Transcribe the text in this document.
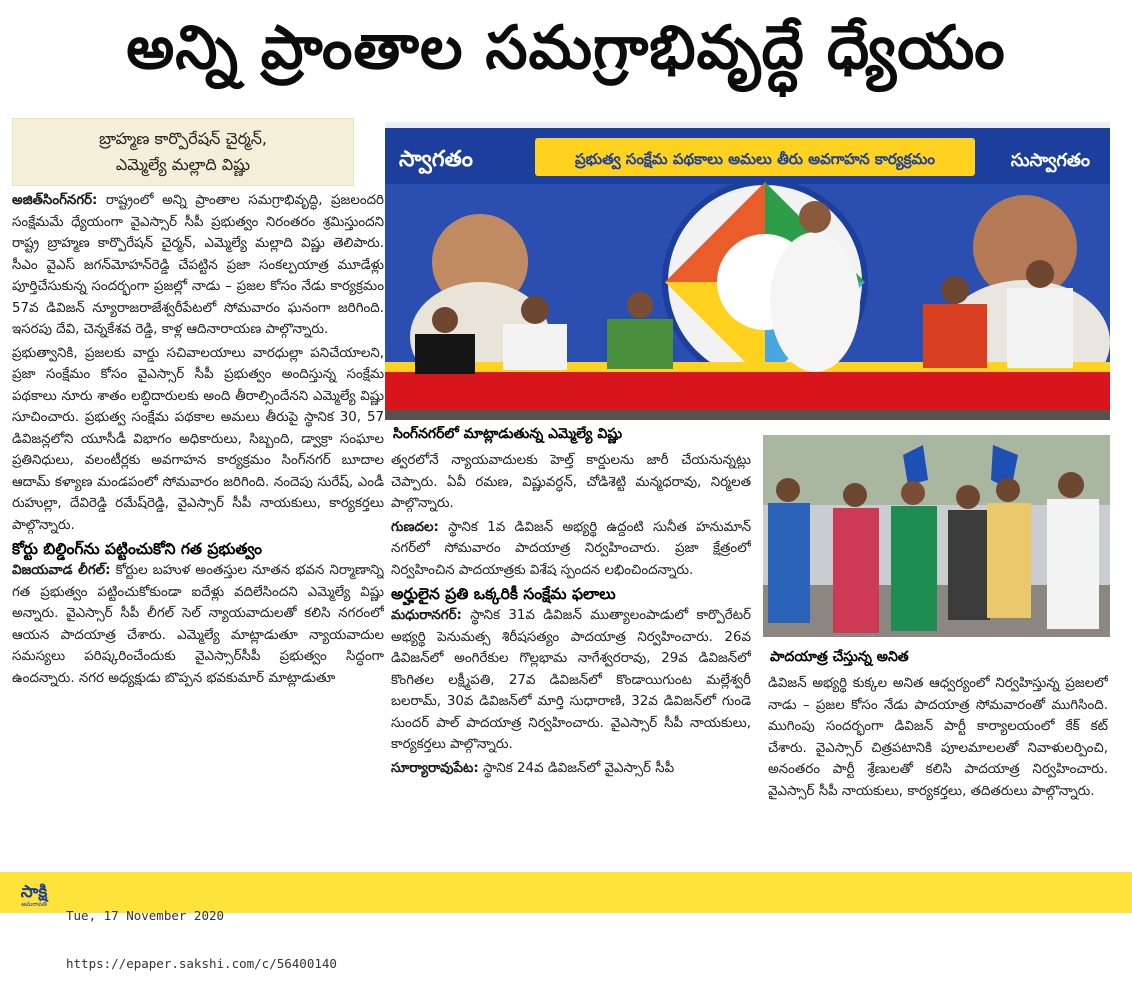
అన్ని ప్రాంతాల సమగ్రాభివృద్ధే ధ్యేయం
బ్రాహ్మణ కార్పొరేషన్ చైర్మన్,
ఎమ్మెల్యే మల్లాది విష్ణు

అజిత్‌సింగ్‌నగర్: రాష్ట్రంలో అన్ని ప్రాంతాల సమగ్రాభివృద్ధి, ప్రజలందరి సంక్షేమమే ధ్యేయంగా వైఎస్సార్ సీపీ ప్రభుత్వం నిరంతరం శ్రమిస్తుందని రాష్ట్ర బ్రాహ్మణ కార్పొరేషన్ చైర్మన్, ఎమ్మెల్యే మల్లాది విష్ణు తెలిపారు. సీఎం వైఎస్ జగన్‌మోహన్‌రెడ్డి చేపట్టిన ప్రజా సంకల్పయాత్ర మూడేళ్లు పూర్తిచేసుకున్న సందర్భంగా ప్రజల్లో నాడు – ప్రజల కోసం నేడు కార్యక్రమం 57వ డివిజన్ న్యూరాజరాజేశ్వరీపేటలో సోమవారం ఘనంగా జరిగింది. ఇసరపు దేవి, చెన్నకేశవ రెడ్డి, కాళ్ల ఆదినారాయణ పాల్గొన్నారు.

ప్రభుత్వానికి, ప్రజలకు వార్డు సచివాలయాలు వారధుల్లా పనిచేయాలని, ప్రజా సంక్షేమం కోసం వైఎస్సార్ సీపీ ప్రభుత్వం అందిస్తున్న సంక్షేమ పథకాలు నూరు శాతం లబ్ధిదారులకు అంది తీరాల్సిందేనని ఎమ్మెల్యే విష్ణు సూచించారు. ప్రభుత్వ సంక్షేమ పథకాల అమలు తీరుపై స్థానిక 30, 57 డివిజన్లలోని యూసీడీ విభాగం అధికారులు, సిబ్బంది, డ్వాక్రా సంఘాల ప్రతినిధులు, వలంటీర్లకు అవగాహన కార్యక్రమం సింగ్‌నగర్ బూదాల ఆదామ్ కళ్యాణ మండపంలో సోమవారం జరిగింది. నందెపు సురేష్, ఎండీ రుహుల్లా, దేవిరెడ్డి రమేష్‌రెడ్డి, వైఎస్సార్ సీపీ నాయకులు, కార్యకర్తలు పాల్గొన్నారు.

కోర్టు బిల్డింగ్‌ను పట్టించుకోని గత ప్రభుత్వం

విజయవాడ లీగల్: కోర్టుల బహుళ అంతస్తుల నూతన భవన నిర్మాణాన్ని గత ప్రభుత్వం పట్టించుకోకుండా ఐదేళ్లు వదిలేసిందని ఎమ్మెల్యే విష్ణు అన్నారు. వైఎస్సార్ సీపీ లీగల్ సెల్ న్యాయవాదులతో కలిసి నగరంలో ఆయన పాదయాత్ర చేశారు. ఎమ్మెల్యే మాట్లాడుతూ న్యాయవాదుల సమస్యలు పరిష్కరించేందుకు వైఎస్సార్‌సీపీ ప్రభుత్వం సిద్ధంగా ఉందన్నారు. నగర అధ్యక్షుడు బొప్పన భవకుమార్ మాట్లాడుతూ

స్వాగతం	ప్రభుత్వ సంక్షేమ పథకాలు అమలు తీరు అవగాహన కార్యక్రమం	సుస్వాగతం
సింగ్‌నగర్‌లో మాట్లాడుతున్న ఎమ్మెల్యే విష్ణు

త్వరలోనే న్యాయవాదులకు హెల్త్ కార్డులను జారీ చేయనున్నట్లు చెప్పారు. ఏవీ రమణ, విష్ణువర్ధన్, చోడిశెట్టి మన్మధరావు, నిర్మలత పాల్గొన్నారు.

గుణదల: స్థానిక 1వ డివిజన్ అభ్యర్థి ఉద్దంటి సునీత హనుమాన్ నగర్‌లో సోమవారం పాదయాత్ర నిర్వహించారు. ప్రజా క్షేత్రంలో నిర్వహించిన పాదయాత్రకు విశేష స్పందన లభించిందన్నారు.

అర్హులైన ప్రతి ఒక్కరికీ సంక్షేమ ఫలాలు

మధురానగర్: స్థానిక 31వ డివిజన్ ముత్యాలంపాడులో కార్పొరేటర్ అభ్యర్థి పెనుమత్స శిరీషసత్యం పాదయాత్ర నిర్వహించారు. 26వ డివిజన్‌లో అంగిరేకుల గొల్లభామ నాగేశ్వరరావు, 29వ డివిజన్‌లో కొంగితల లక్ష్మీపతి, 27వ డివిజన్‌లో కొండాయిగుంట మల్లేశ్వరీ బలరామ్, 30వ డివిజన్‌లో మార్తి సుధారాణి, 32వ డివిజన్‌లో గుండె సుందర్ పాల్ పాదయాత్ర నిర్వహించారు. వైఎస్సార్ సీపీ నాయకులు, కార్యకర్తలు పాల్గొన్నారు.

సూర్యారావుపేట: స్థానిక 24వ డివిజన్‌లో వైఎస్సార్ సీపీ

పాదయాత్ర చేస్తున్న అనిత

డివిజన్ అభ్యర్థి కుక్కల అనిత ఆధ్వర్యంలో నిర్వహిస్తున్న ప్రజలలో నాడు – ప్రజల కోసం నేడు పాదయాత్ర సోమవారంతో ముగిసింది. ముగింపు సందర్భంగా డివిజన్ పార్టీ కార్యాలయంలో కేక్ కట్ చేశారు. వైఎస్సార్ చిత్రపటానికి పూలమాలలతో నివాళులర్పించి, అనంతరం పార్టీ శ్రేణులతో కలిసి పాదయాత్ర నిర్వహించారు. వైఎస్సార్ సీపీ నాయకులు, కార్యకర్తలు, తదితరులు పాల్గొన్నారు.

సాక్షి
అమరావతి

Tue, 17 November 2020

https://epaper.sakshi.com/c/56400140
